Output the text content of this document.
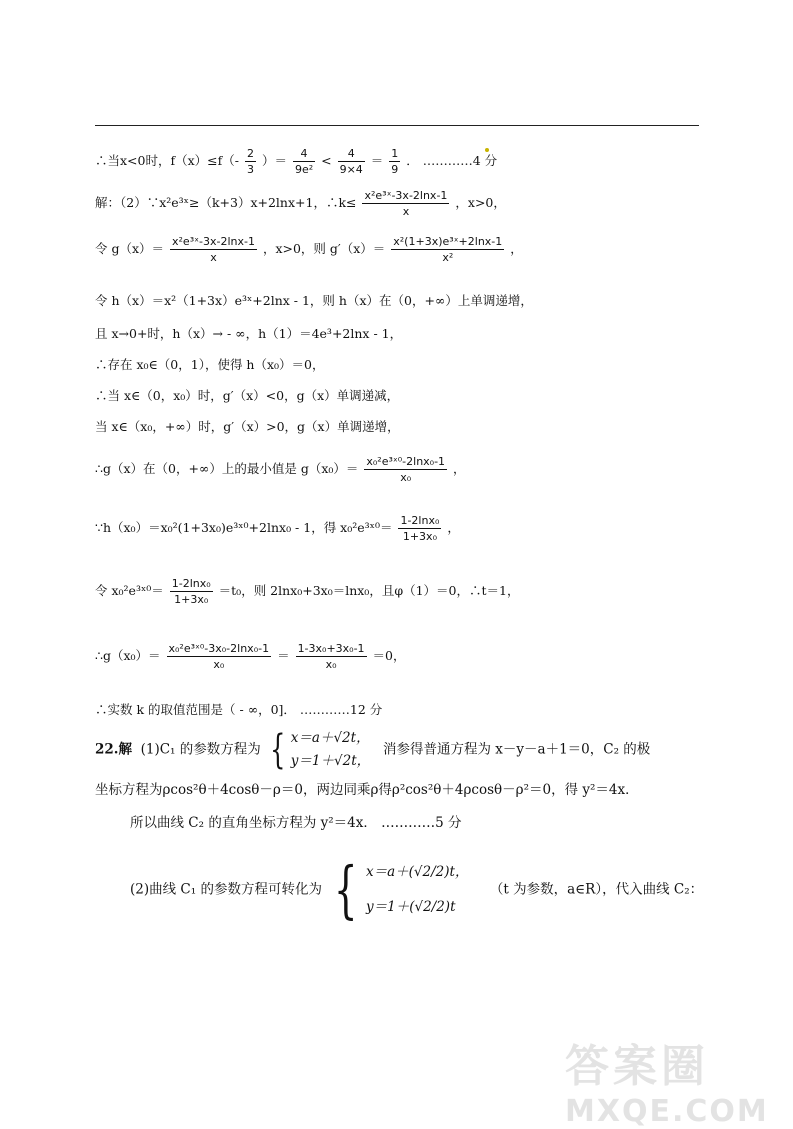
∴当x<0时，$f(x)\le f(- \frac{2}{3}$ ）＝ $\frac{4}{\text{9e²}} < \frac{4}{9\times 4} = \frac{1}{9}$ ． …………4 分
解：（2）∵x²e³ˣ≥（k+3）x+2lnx+1，∴k≤ $\frac{\text{x²e³ˣ-3x-2lnx-1}}{x}$ ，x>0，
令 $g(x)= \frac{\text{x²e³ˣ-3x-2lnx-1}}{x}$ ，x>0，则 $g'(x)= \frac{\text{x²(1+3x)e³ˣ+2lnx-1}}{\text{x²}}$ ，
令 h（x）＝x²（1+3x）e³ˣ+2lnx - 1，则 h（x）在（0，+∞）上单调递增，
且 x→0+时，h（x）→ - ∞，h（1）＝4e³+2lnx - 1，
∴存在 x₀∈（0，1），使得 h（x₀）＝0，
∴当 x∈（0，x₀）时，g′（x）<0，g（x）单调递减，
当 x∈（x₀，+∞）时，g′（x）>0，g（x）单调递增，
∴g（x）在（0，+∞）上的最小值是 $g(x_0)= \frac{\text{x₀²e³ˣ⁰-2lnx₀-1}}{\text{x₀}}$ ，
∵h（x₀）＝x₀²(1+3x₀)e³ˣ⁰+2lnx₀ - 1，得 x₀²e³ˣ⁰＝ $\frac{\text{1-2lnx₀}}{\text{1+3x₀}}$ ，
令 x₀²e³ˣ⁰＝ $\frac{\text{1-2lnx₀}}{\text{1+3x₀}} =t_0$，则 2lnx₀+3x₀＝lnx₀，且φ（1）＝0，∴t＝1，
∴g（x₀）＝ $\frac{\text{x₀²e³ˣ⁰-3x₀-2lnx₀-1}}{\text{x₀}} = \frac{\text{1-3x₀+3x₀-1}}{\text{x₀}} =0$，
∴实数 k 的取值范围是（ - ∞，0]． …………12 分
22.解 (1)C₁ 的参数方程为 { x＝a＋√2t，
y＝1＋√2t，
消参得普通方程为 x－y－a＋1＝0，C₂ 的极
坐标方程为ρcos²θ＋4cosθ－ρ＝0，两边同乘ρ得ρ²cos²θ＋4ρcosθ－ρ²＝0，得 y²＝4x．
所以曲线 C₂ 的直角坐标方程为 y²＝4x． …………5 分
(2)曲线 C₁ 的参数方程可转化为 { x＝a＋(√2/2)t，
y＝1＋(√2/2)t
（t 为参数，a∈R），代入曲线 C₂：
答案圈
MXQE.COM
